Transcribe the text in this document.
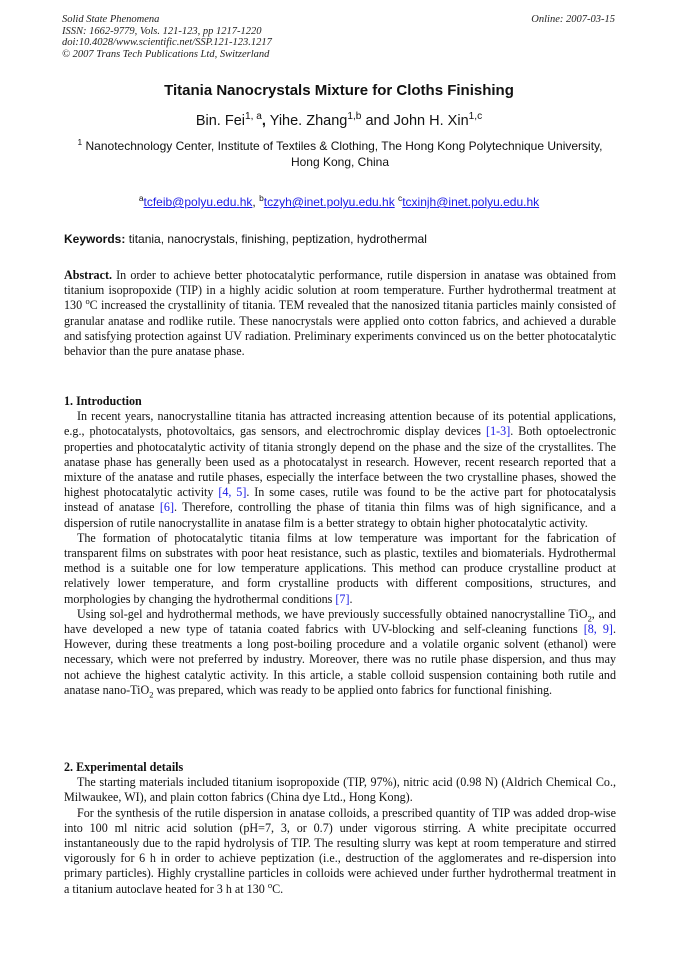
Solid State Phenomena
ISSN: 1662-9779, Vols. 121-123, pp 1217-1220
doi:10.4028/www.scientific.net/SSP.121-123.1217
© 2007 Trans Tech Publications Ltd, Switzerland
Online: 2007-03-15
Titania Nanocrystals Mixture for Cloths Finishing
Bin. Fei$^{1, a}$, Yihe. Zhang$^{1,b}$ and John H. Xin$^{1,c}$
$^1$ Nanotechnology Center, Institute of Textiles & Clothing, The Hong Kong Polytechnique University, Hong Kong, China
$^a$tcfeib@polyu.edu.hk, $^b$tczyh@inet.polyu.edu.hk $^c$tcxinjh@inet.polyu.edu.hk
Keywords: titania, nanocrystals, finishing, peptization, hydrothermal

Abstract. In order to achieve better photocatalytic performance, rutile dispersion in anatase was obtained from titanium isopropoxide (TIP) in a highly acidic solution at room temperature. Further hydrothermal treatment at 130 $^o$C increased the crystallinity of titania. TEM revealed that the nanosized titania particles mainly consisted of granular anatase and rodlike rutile. These nanocrystals were applied onto cotton fabrics, and achieved a durable and satisfying protection against UV radiation. Preliminary experiments convinced us on the better photocatalytic behavior than the pure anatase phase.

1. Introduction

In recent years, nanocrystalline titania has attracted increasing attention because of its potential applications, e.g., photocatalysts, photovoltaics, gas sensors, and electrochromic display devices [1-3]. Both optoelectronic properties and photocatalytic activity of titania strongly depend on the phase and the size of the crystallites. The anatase phase has generally been used as a photocatalyst in research. However, recent research reported that a mixture of the anatase and rutile phases, especially the interface between the two crystalline phases, showed the highest photocatalytic activity [4, 5]. In some cases, rutile was found to be the active part for photocatalysis instead of anatase [6]. Therefore, controlling the phase of titania thin films was of high significance, and a dispersion of rutile nanocrystallite in anatase film is a better strategy to obtain higher photocatalytic activity.

The formation of photocatalytic titania films at low temperature was important for the fabrication of transparent films on substrates with poor heat resistance, such as plastic, textiles and biomaterials. Hydrothermal method is a suitable one for low temperature applications. This method can produce crystalline product at relatively lower temperature, and form crystalline products with different compositions, structures, and morphologies by changing the hydrothermal conditions [7].

Using sol-gel and hydrothermal methods, we have previously successfully obtained nanocrystalline TiO$_2$, and have developed a new type of tatania coated fabrics with UV-blocking and self-cleaning functions [8, 9]. However, during these treatments a long post-boiling procedure and a volatile organic solvent (ethanol) were necessary, which were not preferred by industry. Moreover, there was no rutile phase dispersion, and thus may not achieve the highest catalytic activity. In this article, a stable colloid suspension containing both rutile and anatase nano-TiO$_2$ was prepared, which was ready to be applied onto fabrics for functional finishing.

2. Experimental details

The starting materials included titanium isopropoxide (TIP, 97%), nitric acid (0.98 N) (Aldrich Chemical Co., Milwaukee, WI), and plain cotton fabrics (China dye Ltd., Hong Kong).

For the synthesis of the rutile dispersion in anatase colloids, a prescribed quantity of TIP was added drop-wise into 100 ml nitric acid solution (pH=7, 3, or 0.7) under vigorous stirring. A white precipitate occurred instantaneously due to the rapid hydrolysis of TIP. The resulting slurry was kept at room temperature and stirred vigorously for 6 h in order to achieve peptization (i.e., destruction of the agglomerates and re-dispersion into primary particles). Highly crystalline particles in colloids were achieved under further hydrothermal treatment in a titanium autoclave heated for 3 h at 130 $^o$C.
